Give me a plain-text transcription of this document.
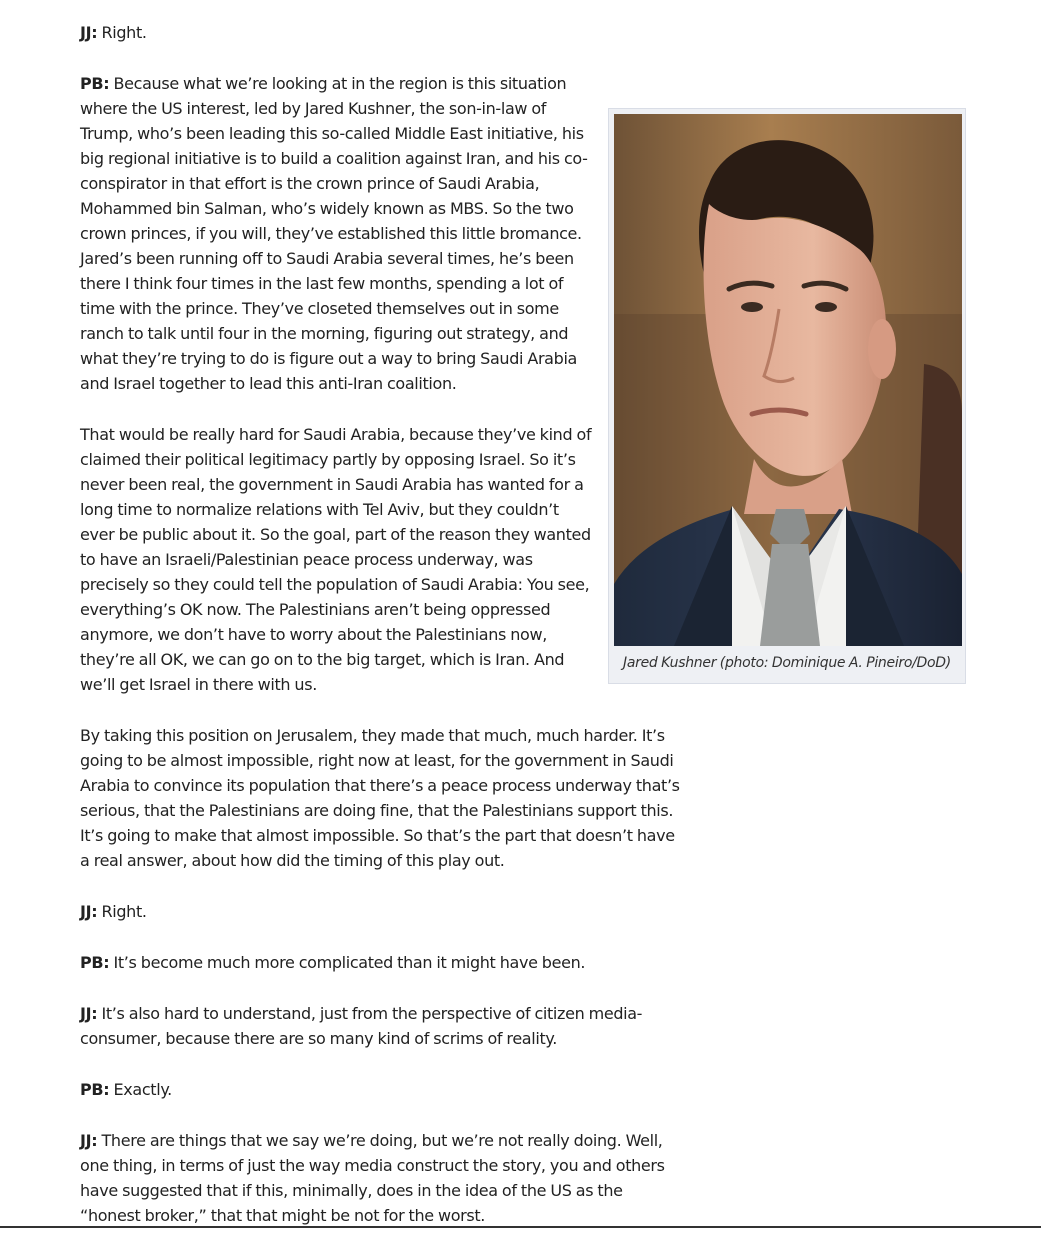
JJ: Right.

Jared Kushner (photo: Dominique A. Pineiro/DoD)

PB: Because what we’re looking at in the region is this situation where the US interest, led by Jared Kushner, the son-in-law of Trump, who’s been leading this so-called Middle East initiative, his big regional initiative is to build a coalition against Iran, and his co-conspirator in that effort is the crown prince of Saudi Arabia, Mohammed bin Salman, who’s widely known as MBS. So the two crown princes, if you will, they’ve established this little bromance. Jared’s been running off to Saudi Arabia several times, he’s been there I think four times in the last few months, spending a lot of time with the prince. They’ve closeted themselves out in some ranch to talk until four in the morning, figuring out strategy, and what they’re trying to do is figure out a way to bring Saudi Arabia and Israel together to lead this anti-Iran coalition.

That would be really hard for Saudi Arabia, because they’ve kind of claimed their political legitimacy partly by opposing Israel. So it’s never been real, the government in Saudi Arabia has wanted for a long time to normalize relations with Tel Aviv, but they couldn’t ever be public about it. So the goal, part of the reason they wanted to have an Israeli/Palestinian peace process underway, was precisely so they could tell the population of Saudi Arabia: You see, everything’s OK now. The Palestinians aren’t being oppressed anymore, we don’t have to worry about the Palestinians now, they’re all OK, we can go on to the big target, which is Iran. And we’ll get Israel in there with us.

By taking this position on Jerusalem, they made that much, much harder. It’s going to be almost impossible, right now at least, for the government in Saudi Arabia to convince its population that there’s a peace process underway that’s serious, that the Palestinians are doing fine, that the Palestinians support this. It’s going to make that almost impossible. So that’s the part that doesn’t have a real answer, about how did the timing of this play out.

JJ: Right.

PB: It’s become much more complicated than it might have been.

JJ: It’s also hard to understand, just from the perspective of citizen media-consumer, because there are so many kind of scrims of reality.

PB: Exactly.

JJ: There are things that we say we’re doing, but we’re not really doing. Well, one thing, in terms of just the way media construct the story, you and others have suggested that if this, minimally, does in the idea of the US as the “honest broker,” that that might be not for the worst.
